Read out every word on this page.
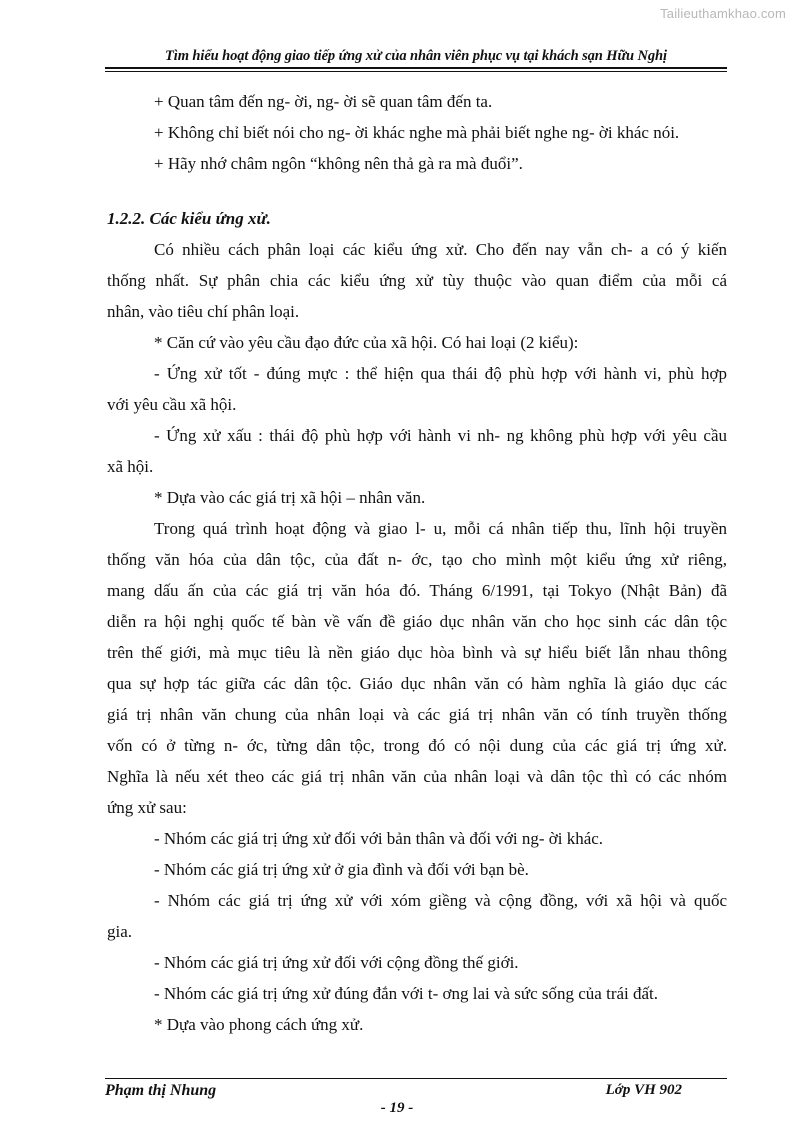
Tailieuthamkhao.com
Tìm hiểu hoạt động giao tiếp ứng xử của nhân viên phục vụ tại khách sạn Hữu Nghị
+ Quan tâm đến ng- ời, ng- ời sẽ quan tâm đến ta.
+ Không chỉ biết nói cho ng- ời khác nghe mà phải biết nghe ng- ời khác nói.
+ Hãy nhớ châm ngôn “không nên thả gà ra mà đuổi”.
1.2.2. Các kiểu ứng xử.
Có nhiều cách phân loại các kiểu ứng xử. Cho đến nay vẫn ch- a có ý kiến
thống nhất. Sự phân chia các kiểu ứng xử tùy thuộc vào quan điểm của mỗi cá
nhân, vào tiêu chí phân loại.
* Căn cứ vào yêu cầu đạo đức của xã hội. Có hai loại (2 kiểu):
- Ứng xử tốt - đúng mực : thể hiện qua thái độ phù hợp với hành vi, phù hợp
với yêu cầu xã hội.
- Ứng xử xấu : thái độ phù hợp với hành vi nh- ng không phù hợp với yêu cầu
xã hội.
* Dựa vào các giá trị xã hội – nhân văn.
Trong quá trình hoạt động và giao l- u, mỗi cá nhân tiếp thu, lĩnh hội truyền
thống văn hóa của dân tộc, của đất n- ớc, tạo cho mình một kiểu ứng xử riêng,
mang dấu ấn của các giá trị văn hóa đó. Tháng 6/1991, tại Tokyo (Nhật Bản) đã
diễn ra hội nghị quốc tế bàn về vấn đề giáo dục nhân văn cho học sinh các dân tộc
trên thế giới, mà mục tiêu là nền giáo dục hòa bình và sự hiểu biết lẫn nhau thông
qua sự hợp tác giữa các dân tộc. Giáo dục nhân văn có hàm nghĩa là giáo dục các
giá trị nhân văn chung của nhân loại và các giá trị nhân văn có tính truyền thống
vốn có ở từng n- ớc, từng dân tộc, trong đó có nội dung của các giá trị ứng xử.
Nghĩa là nếu xét theo các giá trị nhân văn của nhân loại và dân tộc thì có các nhóm
ứng xử sau:
- Nhóm các giá trị ứng xử đối với bản thân và đối với ng- ời khác.
- Nhóm các giá trị ứng xử ở gia đình và đối với bạn bè.
- Nhóm các giá trị ứng xử với xóm giềng và cộng đồng, với xã hội và quốc
gia.
- Nhóm các giá trị ứng xử đối với cộng đồng thế giới.
- Nhóm các giá trị ứng xử đúng đắn với t- ơng lai và sức sống của trái đất.
* Dựa vào phong cách ứng xử.
Phạm thị Nhung	Lớp VH 902
- 19 -
